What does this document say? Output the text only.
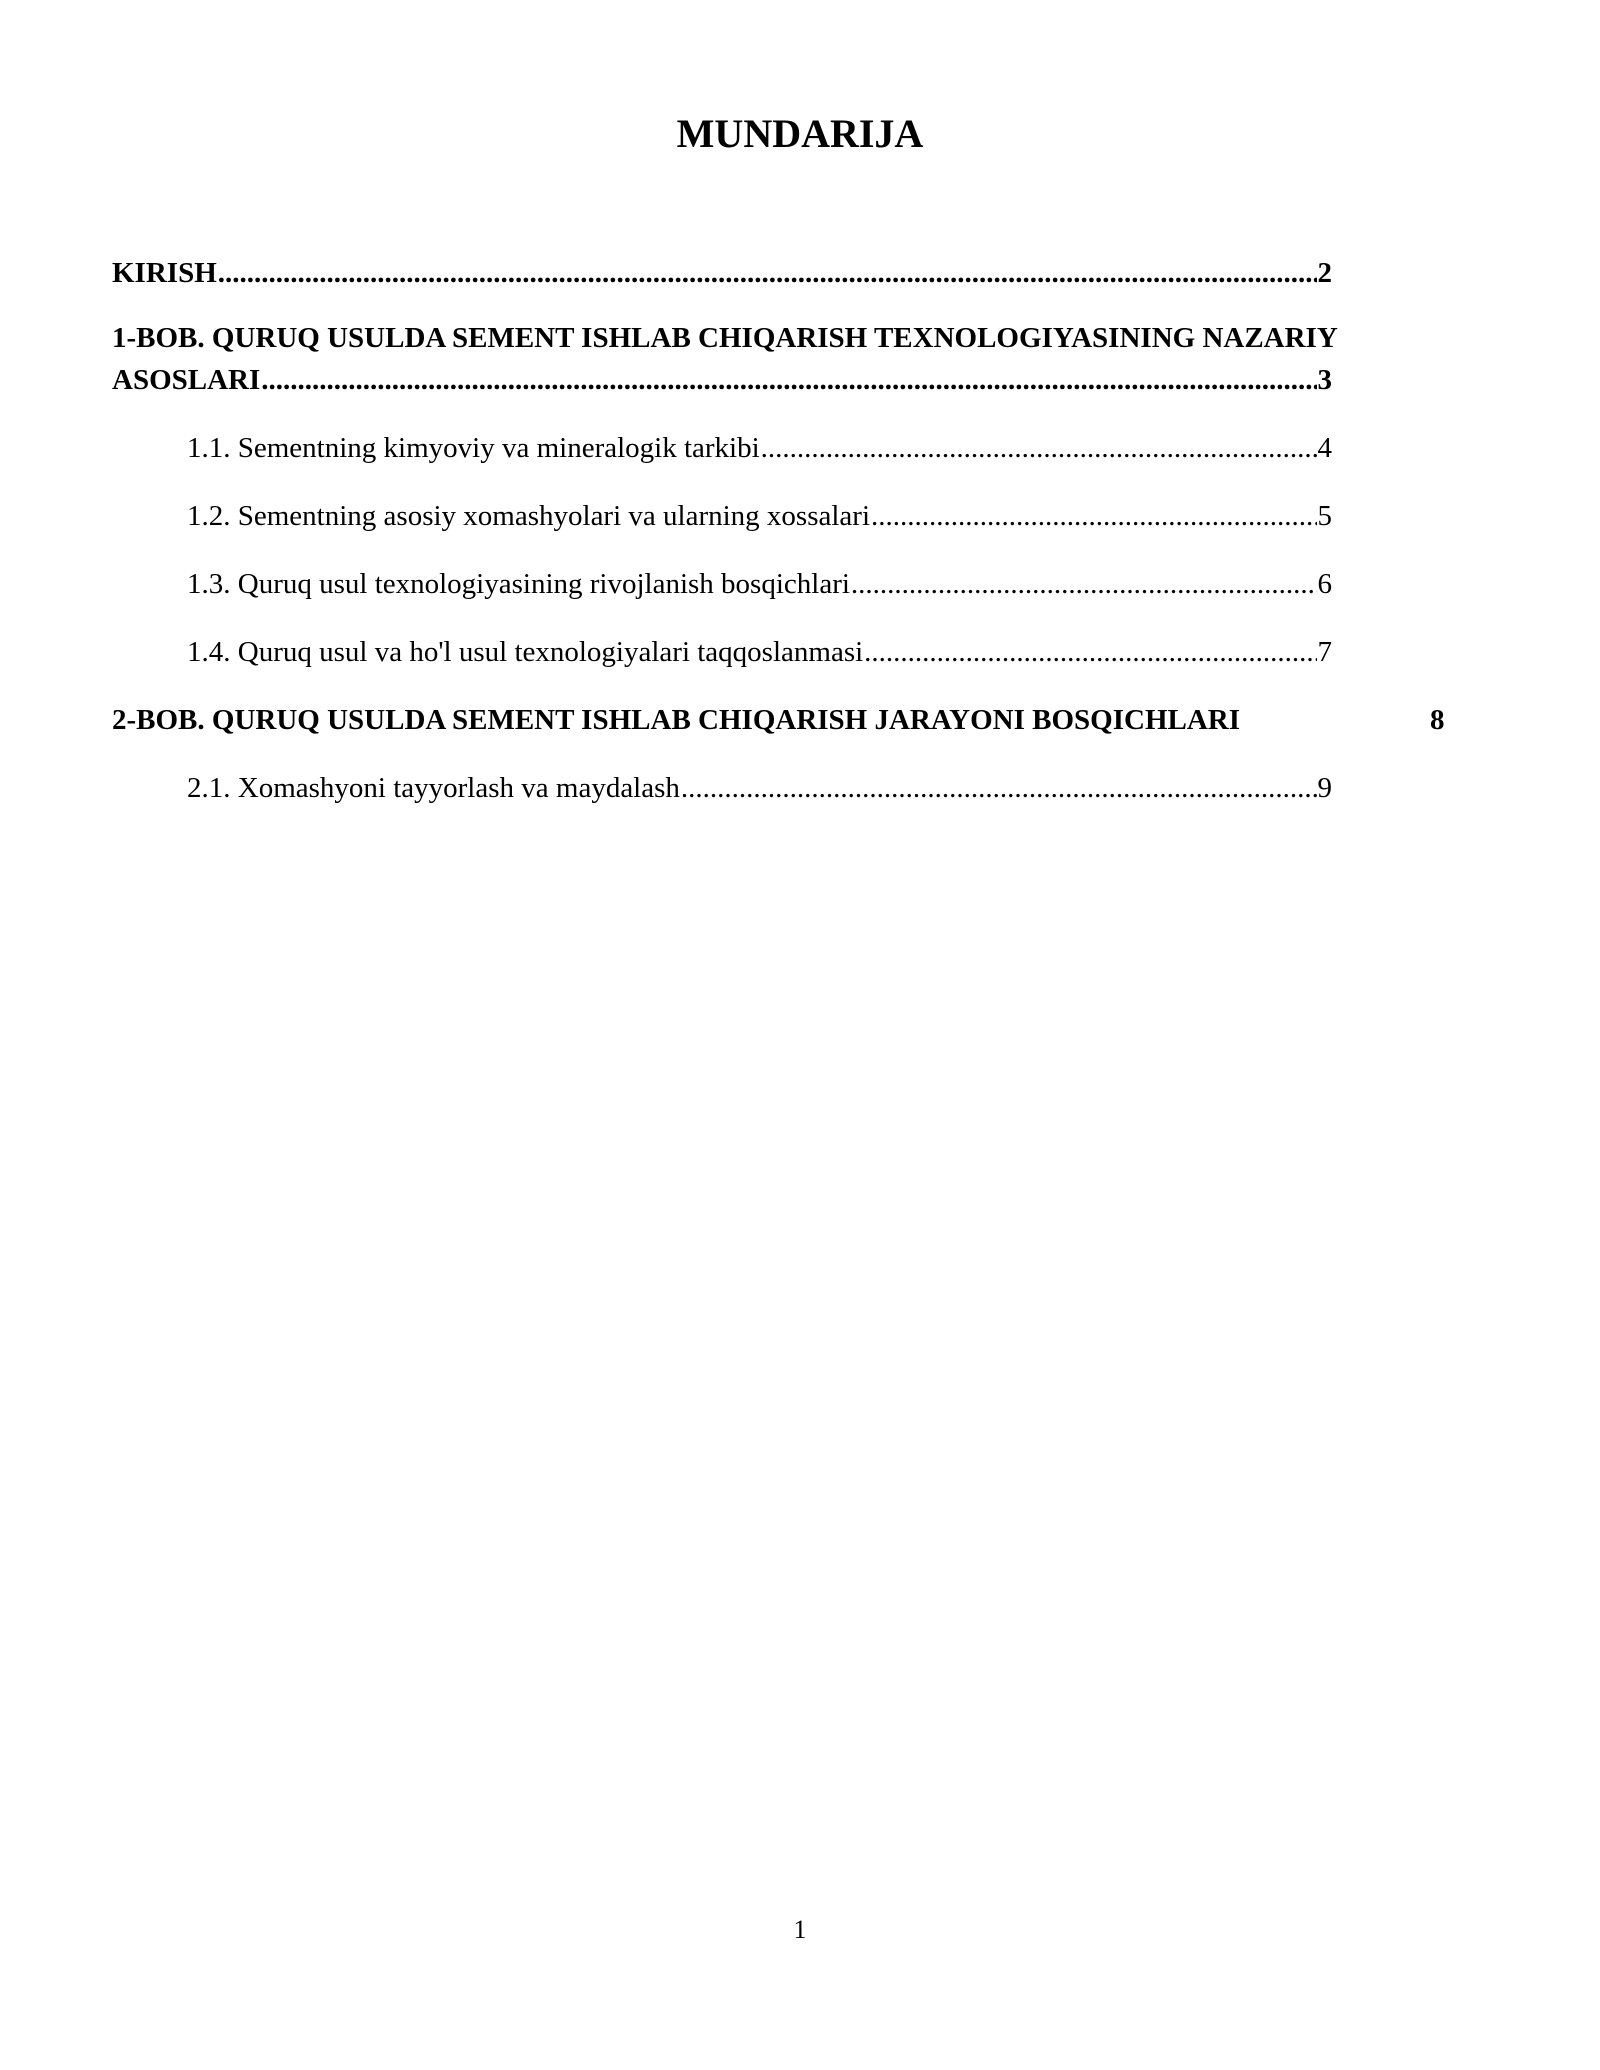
MUNDARIJA
KIRISH .....	2
1-BOB. QURUQ USULDA SEMENT ISHLAB CHIQARISH TEXNOLOGIYASINING NAZARIY
ASOSLARI .....	3
1.1. Sementning kimyoviy va mineralogik tarkibi .....	4
1.2. Sementning asosiy xomashyolari va ularning xossalari .....	5
1.3. Quruq usul texnologiyasining rivojlanish bosqichlari .....	6
1.4. Quruq usul va ho'l usul texnologiyalari taqqoslanmasi .....	7
2-BOB. QURUQ USULDA SEMENT ISHLAB CHIQARISH JARAYONI BOSQICHLARI	8
2.1. Xomashyoni tayyorlash va maydalash .....	9
1
